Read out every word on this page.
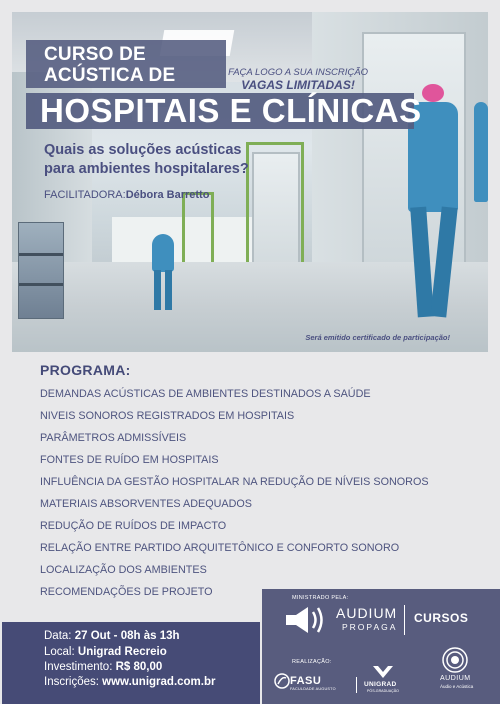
CURSO DE
ACÚSTICA DE
HOSPITAIS E CLÍNICAS
FAÇA LOGO A SUA INSCRIÇÃO
VAGAS LIMITADAS!
Quais as soluções acústicas
para ambientes hospitalares?
FACILITADORA:Débora Barretto
Será emitido certificado de participação!
PROGRAMA:
DEMANDAS ACÚSTICAS DE AMBIENTES DESTINADOS A SAÚDE
NIVEIS SONOROS REGISTRADOS EM HOSPITAIS
PARÂMETROS ADMISSÍVEIS
FONTES DE RUÍDO EM HOSPITAIS
INFLUÊNCIA DA GESTÃO HOSPITALAR NA REDUÇÃO DE NÍVEIS SONOROS
MATERIAIS ABSORVENTES ADEQUADOS
REDUÇÃO DE RUÍDOS DE IMPACTO
RELAÇÃO ENTRE PARTIDO ARQUITETÔNICO E CONFORTO SONORO
LOCALIZAÇÃO DOS AMBIENTES
RECOMENDAÇÕES DE PROJETO
Data: 27 Out - 08h às 13h
Local: Unigrad Recreio
Investimento: R$ 80,00
Inscrições: www.unigrad.com.br
MINISTRADO PELA:
AUDIUM
PROPAGA
CURSOS
REALIZAÇÃO:
FASU
FACULDADE AUGUSTO
UNIGRAD
PÓS-GRADUAÇÃO
AUDIUM
Áudio e Acústica
